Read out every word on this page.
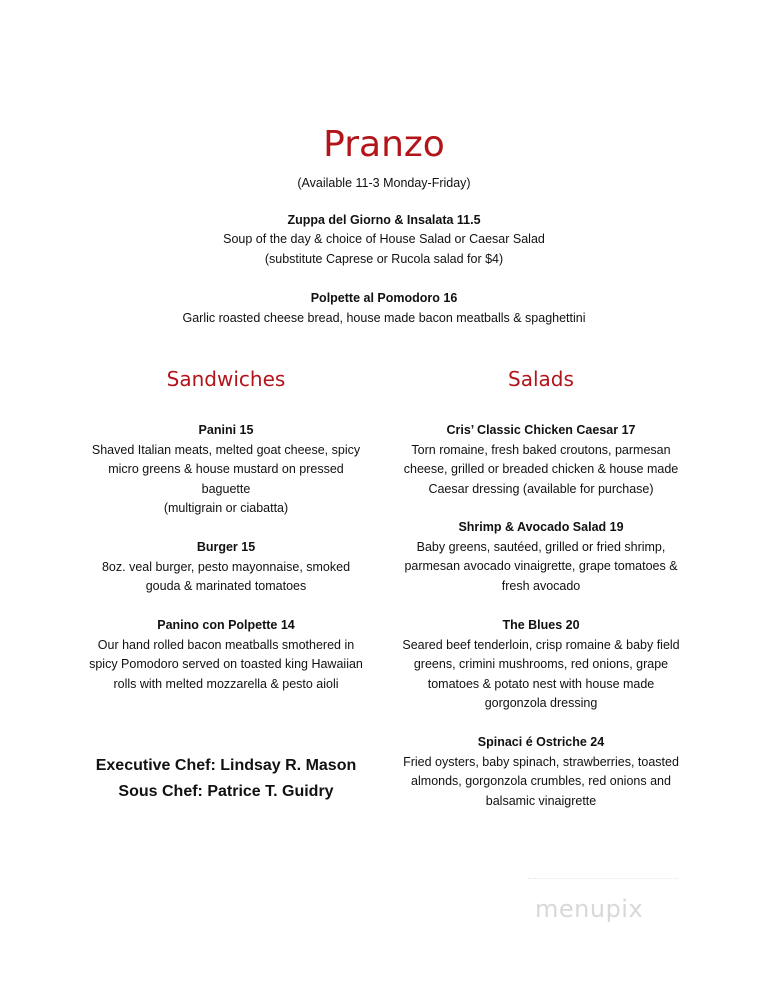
Pranzo
(Available 11-3 Monday-Friday)
Zuppa del Giorno & Insalata 11.5
Soup of the day & choice of House Salad or Caesar Salad
(substitute Caprese or Rucola salad for $4)
Polpette al Pomodoro 16
Garlic roasted cheese bread, house made bacon meatballs & spaghettini
Sandwiches
Panini 15
Shaved Italian meats, melted goat cheese, spicy
micro greens & house mustard on pressed
baguette
(multigrain or ciabatta)
Burger 15
8oz. veal burger, pesto mayonnaise, smoked
gouda & marinated tomatoes
Panino con Polpette 14
Our hand rolled bacon meatballs smothered in
spicy Pomodoro served on toasted king Hawaiian
rolls with melted mozzarella & pesto aioli
Executive Chef: Lindsay R. Mason
Sous Chef: Patrice T. Guidry
Salads
Cris’ Classic Chicken Caesar 17
Torn romaine, fresh baked croutons, parmesan
cheese, grilled or breaded chicken & house made
Caesar dressing (available for purchase)
Shrimp & Avocado Salad 19
Baby greens, sautéed, grilled or fried shrimp,
parmesan avocado vinaigrette, grape tomatoes &
fresh avocado
The Blues 20
Seared beef tenderloin, crisp romaine & baby field
greens, crimini mushrooms, red onions, grape
tomatoes & potato nest with house made
gorgonzola dressing
Spinaci é Ostriche 24
Fried oysters, baby spinach, strawberries, toasted
almonds, gorgonzola crumbles, red onions and
balsamic vinaigrette
menupix
